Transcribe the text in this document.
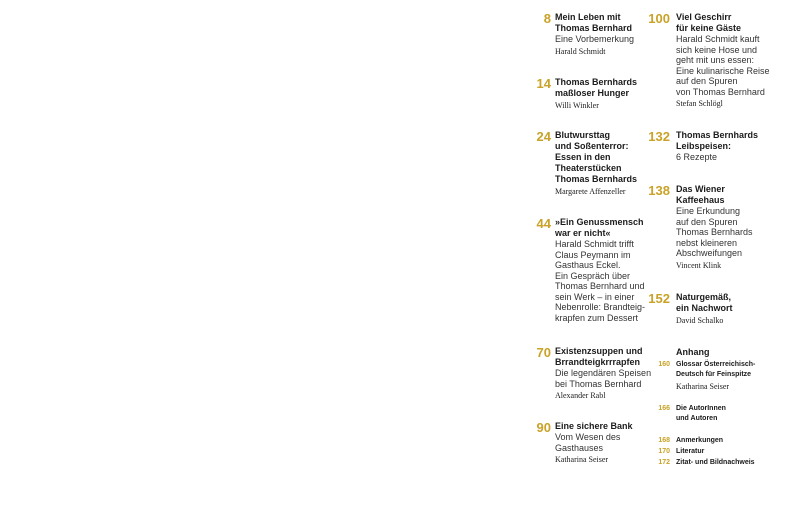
8 Mein Leben mit
Thomas Bernhard
Eine Vorbemerkung
Harald Schmidt
14 Thomas Bernhards
maßloser Hunger
Willi Winkler
24 Blutwursttag
und Soßenterror:
Essen in den
Theaterstücken
Thomas Bernhards
Margarete Affenzeller
44 »Ein Genussmensch
war er nicht«
Harald Schmidt trifft
Claus Peymann im
Gasthaus Eckel.
Ein Gespräch über
Thomas Bernhard und
sein Werk – in einer
Nebenrolle: Brandteig-
krapfen zum Dessert
70 Existenzsuppen und
Brrandteigkrrrapfen
Die legendären Speisen
bei Thomas Bernhard
Alexander Rabl
90 Eine sichere Bank
Vom Wesen des
Gasthauses
Katharina Seiser
100 Viel Geschirr
für keine Gäste
Harald Schmidt kauft
sich keine Hose und
geht mit uns essen:
Eine kulinarische Reise
auf den Spuren
von Thomas Bernhard
Stefan Schlögl
132 Thomas Bernhards
Leibspeisen:
6 Rezepte
138 Das Wiener
Kaffeehaus
Eine Erkundung
auf den Spuren
Thomas Bernhards
nebst kleineren
Abschweifungen
Vincent Klink
152 Naturgemäß,
ein Nachwort
David Schalko
Anhang
160 Glossar Österreichisch-
Deutsch für Feinspitze
Katharina Seiser
166 Die AutorInnen
und Autoren
168 Anmerkungen
170 Literatur
172 Zitat- und Bildnachweis
